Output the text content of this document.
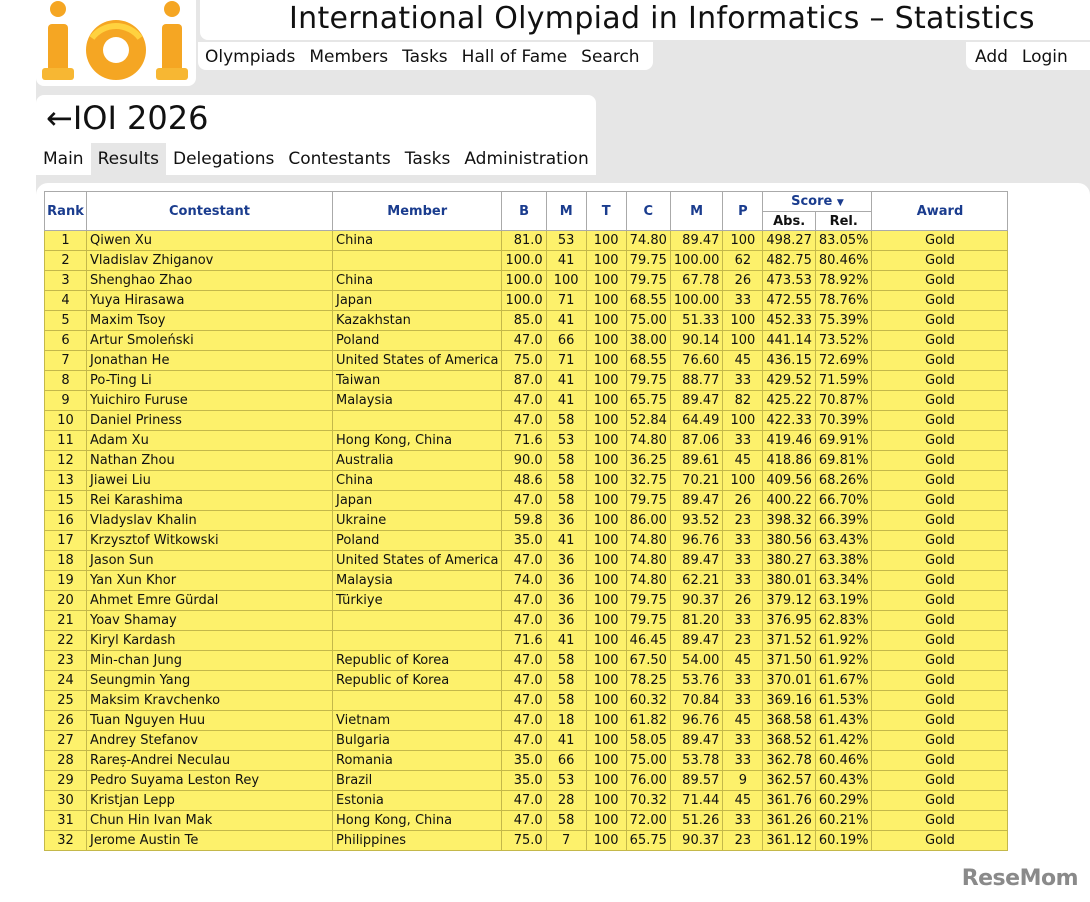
International Olympiad in Informatics – Statistics
Olympiads Members Tasks Hall of Fame Search	Add Login
←IOI 2026
Main Results Delegations Contestants Tasks Administration
Rank	Contestant	Member	B	M	T	C	M	P	Score ▼		Award
									Abs.	Rel.	
1	Qiwen Xu	China	81.0	53	100	74.80	89.47	100	498.27	83.05%	Gold
2	Vladislav Zhiganov		100.0	41	100	79.75	100.00	62	482.75	80.46%	Gold
3	Shenghao Zhao	China	100.0	100	100	79.75	67.78	26	473.53	78.92%	Gold
4	Yuya Hirasawa	Japan	100.0	71	100	68.55	100.00	33	472.55	78.76%	Gold
5	Maxim Tsoy	Kazakhstan	85.0	41	100	75.00	51.33	100	452.33	75.39%	Gold
6	Artur Smoleński	Poland	47.0	66	100	38.00	90.14	100	441.14	73.52%	Gold
7	Jonathan He	United States of America	75.0	71	100	68.55	76.60	45	436.15	72.69%	Gold
8	Po-Ting Li	Taiwan	87.0	41	100	79.75	88.77	33	429.52	71.59%	Gold
9	Yuichiro Furuse	Malaysia	47.0	41	100	65.75	89.47	82	425.22	70.87%	Gold
10	Daniel Priness		47.0	58	100	52.84	64.49	100	422.33	70.39%	Gold
11	Adam Xu	Hong Kong, China	71.6	53	100	74.80	87.06	33	419.46	69.91%	Gold
12	Nathan Zhou	Australia	90.0	58	100	36.25	89.61	45	418.86	69.81%	Gold
13	Jiawei Liu	China	48.6	58	100	32.75	70.21	100	409.56	68.26%	Gold
15	Rei Karashima	Japan	47.0	58	100	79.75	89.47	26	400.22	66.70%	Gold
16	Vladyslav Khalin	Ukraine	59.8	36	100	86.00	93.52	23	398.32	66.39%	Gold
17	Krzysztof Witkowski	Poland	35.0	41	100	74.80	96.76	33	380.56	63.43%	Gold
18	Jason Sun	United States of America	47.0	36	100	74.80	89.47	33	380.27	63.38%	Gold
19	Yan Xun Khor	Malaysia	74.0	36	100	74.80	62.21	33	380.01	63.34%	Gold
20	Ahmet Emre Gürdal	Türkiye	47.0	36	100	79.75	90.37	26	379.12	63.19%	Gold
21	Yoav Shamay		47.0	36	100	79.75	81.20	33	376.95	62.83%	Gold
22	Kiryl Kardash		71.6	41	100	46.45	89.47	23	371.52	61.92%	Gold
23	Min-chan Jung	Republic of Korea	47.0	58	100	67.50	54.00	45	371.50	61.92%	Gold
24	Seungmin Yang	Republic of Korea	47.0	58	100	78.25	53.76	33	370.01	61.67%	Gold
25	Maksim Kravchenko		47.0	58	100	60.32	70.84	33	369.16	61.53%	Gold
26	Tuan Nguyen Huu	Vietnam	47.0	18	100	61.82	96.76	45	368.58	61.43%	Gold
27	Andrey Stefanov	Bulgaria	47.0	41	100	58.05	89.47	33	368.52	61.42%	Gold
28	Rareș-Andrei Neculau	Romania	35.0	66	100	75.00	53.78	33	362.78	60.46%	Gold
29	Pedro Suyama Leston Rey	Brazil	35.0	53	100	76.00	89.57	9	362.57	60.43%	Gold
30	Kristjan Lepp	Estonia	47.0	28	100	70.32	71.44	45	361.76	60.29%	Gold
31	Chun Hin Ivan Mak	Hong Kong, China	47.0	58	100	72.00	51.26	33	361.26	60.21%	Gold
32	Jerome Austin Te	Philippines	75.0	7	100	65.75	90.37	23	361.12	60.19%	Gold
ReseMom
